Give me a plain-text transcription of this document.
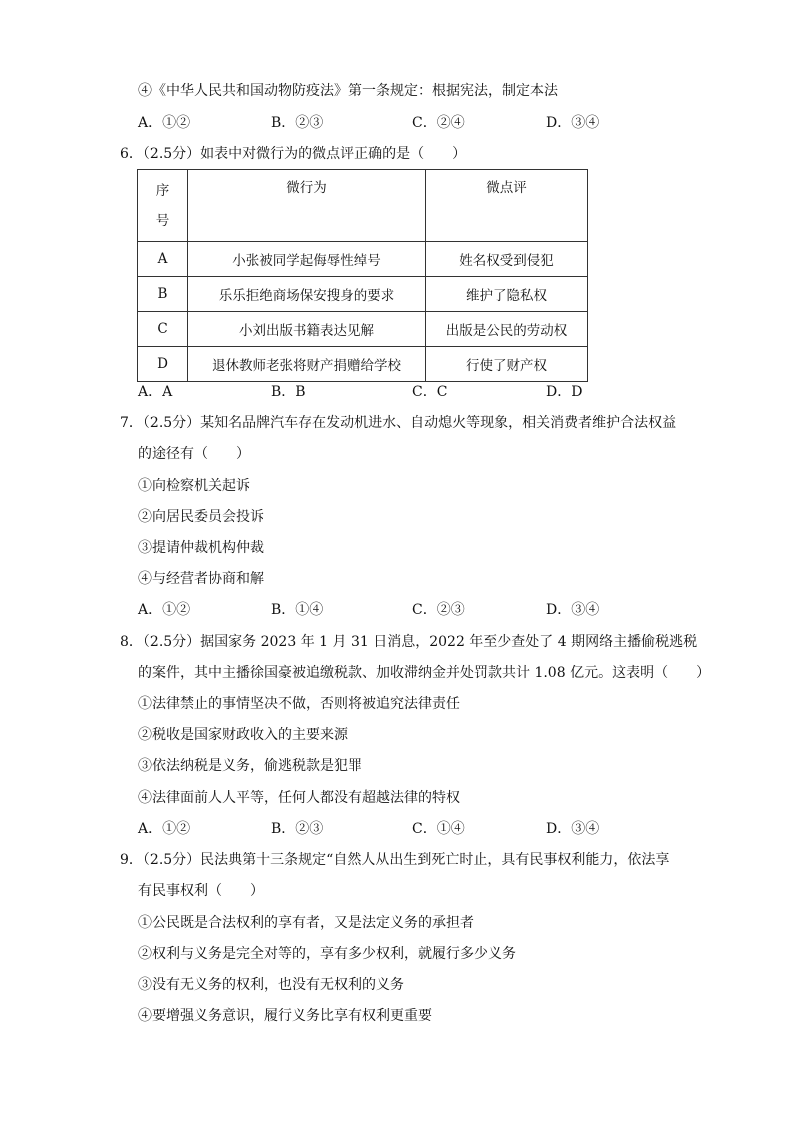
④《中华人民共和国动物防疫法》第一条规定：根据宪法，制定本法
A．①②	B．②③	C．②④	D．③④
6．（2.5分）如表中对微行为的微点评正确的是（　　）
序
号	微行为	微点评
A	小张被同学起侮辱性绰号	姓名权受到侵犯
B	乐乐拒绝商场保安搜身的要求	维护了隐私权
C	小刘出版书籍表达见解	出版是公民的劳动权
D	退休教师老张将财产捐赠给学校	行使了财产权
A．A	B．B	C．C	D．D
7．（2.5分）某知名品牌汽车存在发动机进水、自动熄火等现象，相关消费者维护合法权益
的途径有（　　）
①向检察机关起诉
②向居民委员会投诉
③提请仲裁机构仲裁
④与经营者协商和解
A．①②	B．①④	C．②③	D．③④
8．（2.5分）据国家务 2023 年 1 月 31 日消息，2022 年至少查处了 4 期网络主播偷税逃税
的案件，其中主播徐国豪被追缴税款、加收滞纳金并处罚款共计 1.08 亿元。这表明（　　）
①法律禁止的事情坚决不做，否则将被追究法律责任
②税收是国家财政收入的主要来源
③依法纳税是义务，偷逃税款是犯罪
④法律面前人人平等，任何人都没有超越法律的特权
A．①②	B．②③	C．①④	D．③④
9．（2.5分）民法典第十三条规定“自然人从出生到死亡时止，具有民事权利能力，依法享
有民事权利（　　）
①公民既是合法权利的享有者，又是法定义务的承担者
②权利与义务是完全对等的，享有多少权利，就履行多少义务
③没有无义务的权利，也没有无权利的义务
④要增强义务意识，履行义务比享有权利更重要
